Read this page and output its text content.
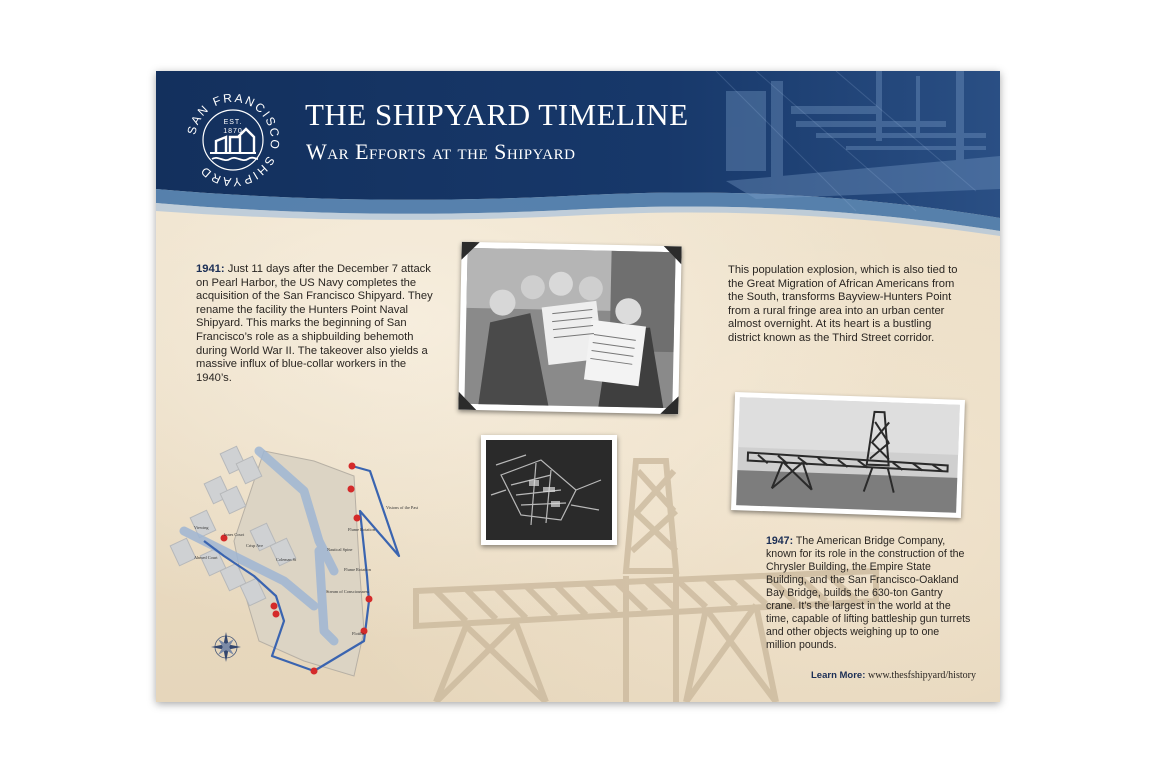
AN FRANCIS SHIPYARD
EST.
1870	THE SHIPYARD TIMELINE
War Efforts at the Shipyard
1941: Just 11 days after the December 7 attack on Pearl Harbor, the US Navy completes the acquisition of the San Francisco Shipyard. They rename the facility the Hunters Point Naval Shipyard. This marks the beginning of San Francisco’s role as a shipbuilding behemoth during World War II. The takeover also yields a massive influx of blue-collar workers in the 1940’s.
This population explosion, which is also tied to the Great Migration of African Americans from the South, transforms Bayview-Hunters Point from a rural fringe area into an urban center almost overnight. At its heart is a bustling district known as the Third Street corridor.
1947: The American Bridge Company, known for its role in the construction of the Chrysler Building, the Empire State Building, and the San Francisco-Oakland Bay Bridge, builds the 630-ton Gantry crane. It’s the largest in the world at the time, capable of lifting battleship gun turrets and other objects weighing up to one million pounds.
Viewing
Innes Court
Crisp Ave
Coleman St
Ahmed Court
Flume Rotation
Flume Rotation
Nautical Spine
Visions of the Past
Stream of Consciousness
Flotilla
Learn More: www.thesfshipyard/history
